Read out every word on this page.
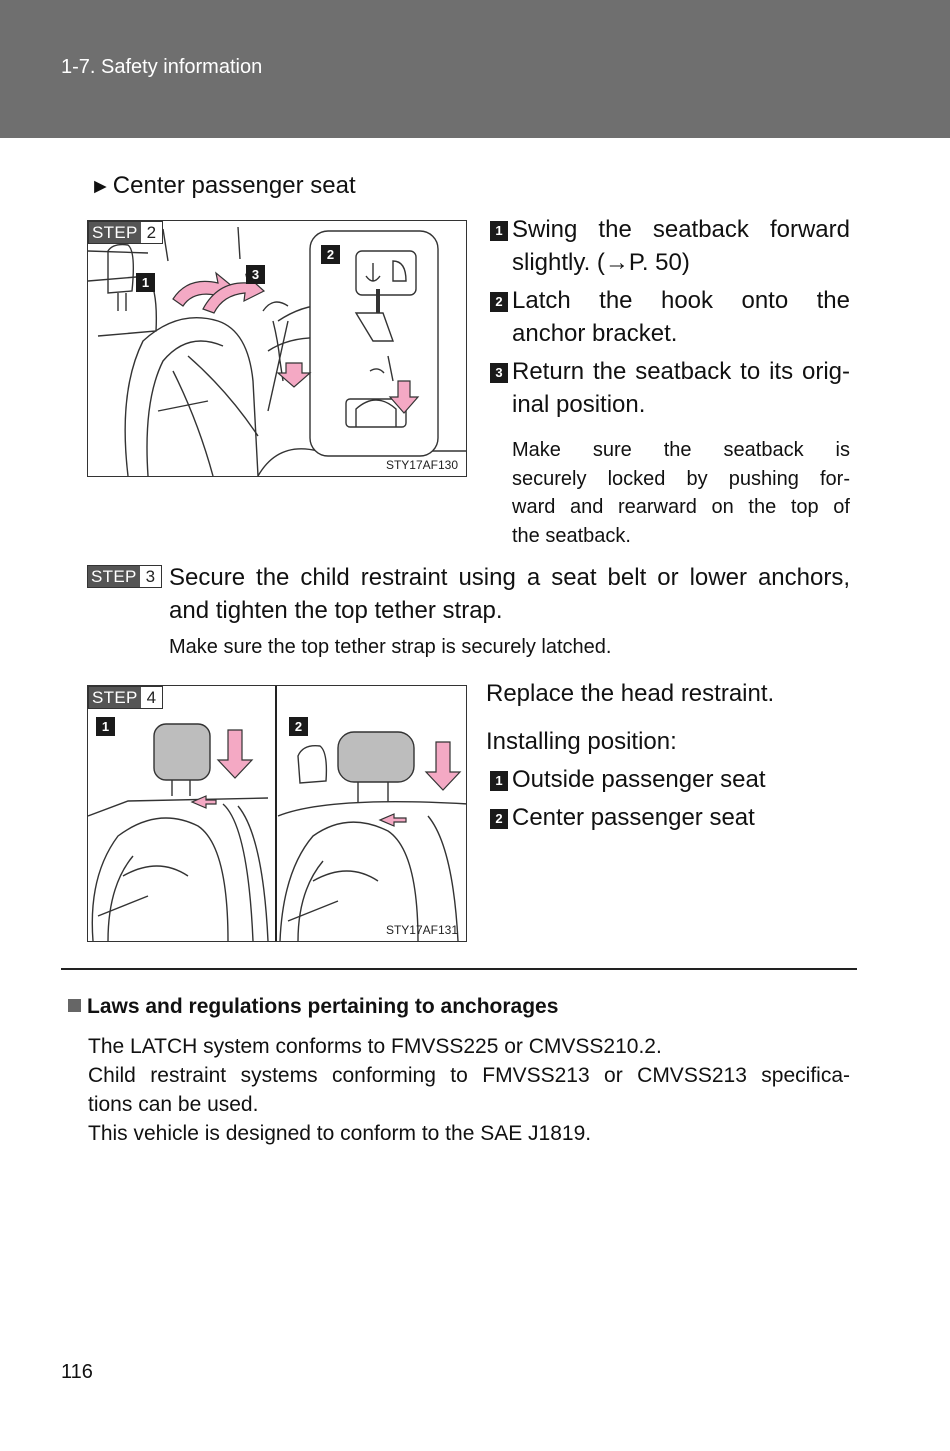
1-7. Safety information
►Center passenger seat
STEP 2
1
3
2
STY17AF130
1 Swing the seatback forward
slightly. (→P. 50)
2 Latch the hook onto the
anchor bracket.
3 Return the seatback to its orig-
inal position.
Make sure the seatback is
securely locked by pushing for-
ward and rearward on the top of
the seatback.
STEP 3 Secure the child restraint using a seat belt or lower anchors,
and tighten the top tether strap.
Make sure the top tether strap is securely latched.
STEP 4
1	2
STY17AF131
Replace the head restraint.
Installing position:
1 Outside passenger seat
2 Center passenger seat
Laws and regulations pertaining to anchorages
The LATCH system conforms to FMVSS225 or CMVSS210.2.
Child restraint systems conforming to FMVSS213 or CMVSS213 specifica-
tions can be used.
This vehicle is designed to conform to the SAE J1819.
116
